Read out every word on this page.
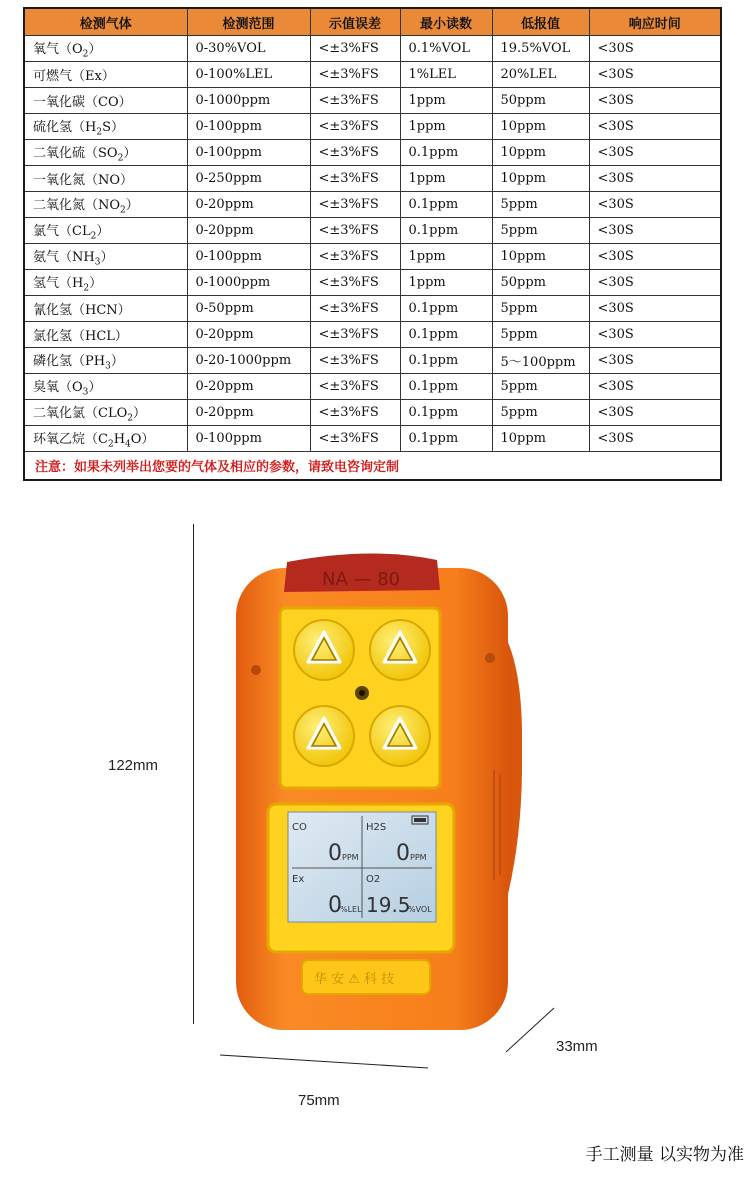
检测气体	检测范围	示值误差	最小读数	低报值	响应时间
氧气$(O_2)$	0-30%VOL	<±3%FS	0.1%VOL	19.5%VOL	<30S
可燃气（Ex）	0-100%LEL	<±3%FS	1%LEL	20%LEL	<30S
一氧化碳（CO）	0-1000ppm	<±3%FS	1ppm	50ppm	<30S
硫化氢$(H_2S)$	0-100ppm	<±3%FS	1ppm	10ppm	<30S
二氧化硫$(SO_2)$	0-100ppm	<±3%FS	0.1ppm	10ppm	<30S
一氧化氮（NO）	0-250ppm	<±3%FS	1ppm	10ppm	<30S
二氧化氮$(NO_2)$	0-20ppm	<±3%FS	0.1ppm	5ppm	<30S
氯气$(CL_2)$	0-20ppm	<±3%FS	0.1ppm	5ppm	<30S
氨气$(NH_3)$	0-100ppm	<±3%FS	1ppm	10ppm	<30S
氢气$(H_2)$	0-1000ppm	<±3%FS	1ppm	50ppm	<30S
氰化氢（HCN）	0-50ppm	<±3%FS	0.1ppm	5ppm	<30S
氯化氢（HCL）	0-20ppm	<±3%FS	0.1ppm	5ppm	<30S
磷化氢$(PH_3)$	0-20-1000ppm	<±3%FS	0.1ppm	5～100ppm	<30S
臭氧$(O_3)$	0-20ppm	<±3%FS	0.1ppm	5ppm	<30S
二氧化氯$(CLO_2)$	0-20ppm	<±3%FS	0.1ppm	5ppm	<30S
环氧乙烷$(C_2H_4O)$	0-100ppm	<±3%FS	0.1ppm	10ppm	<30S
注意：如果未列举出您要的气体及相应的参数，请致电咨询定制					
NA — 80
CO	H2S
Ex	O2
0 PPM 0 PPM
0
%LEL 19.5
%VOL
华 安 ⚠ 科 技
122mm
75mm
33mm
手工测量 以实物为准
